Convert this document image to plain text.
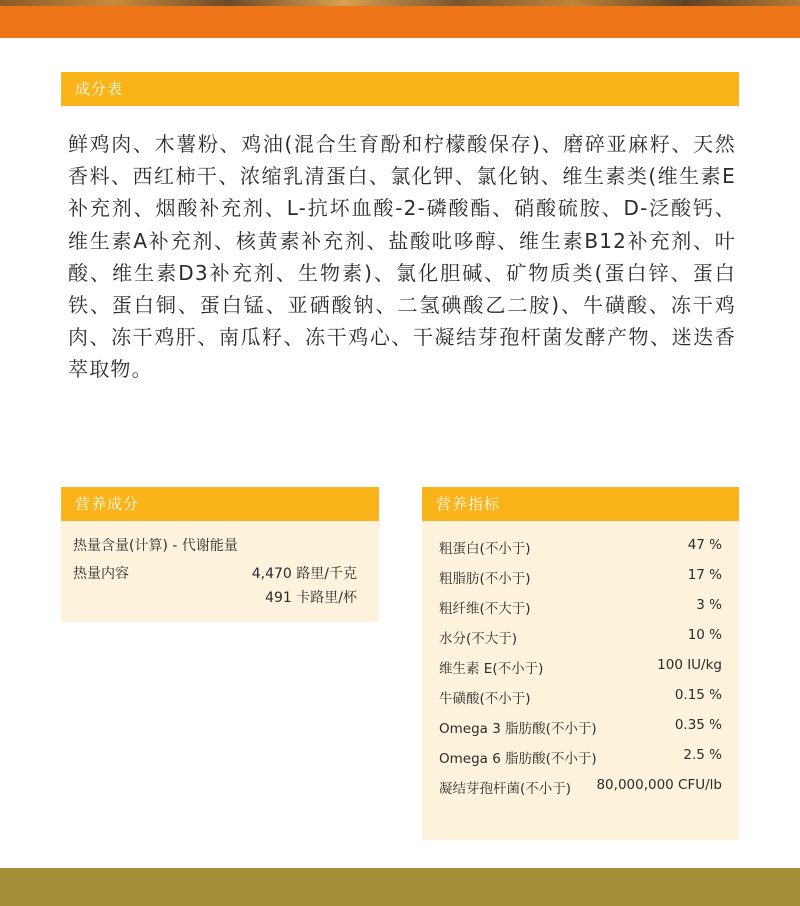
成分表
鲜鸡肉、木薯粉、鸡油(混合生育酚和柠檬酸保存)、磨碎亚麻籽、天然香料、西红柿干、浓缩乳清蛋白、氯化钾、氯化钠、维生素类(维生素E补充剂、烟酸补充剂、L-抗坏血酸-2-磷酸酯、硝酸硫胺、D-泛酸钙、维生素A补充剂、核黄素补充剂、盐酸吡哆醇、维生素B12补充剂、叶酸、维生素D3补充剂、生物素)、氯化胆碱、矿物质类(蛋白锌、蛋白铁、蛋白铜、蛋白锰、亚硒酸钠、二氢碘酸乙二胺)、牛磺酸、冻干鸡肉、冻干鸡肝、南瓜籽、冻干鸡心、干凝结芽孢杆菌发酵产物、迷迭香萃取物。
营养成分
热量含量(计算) - 代谢能量
热量内容	4,470 路里/千克
491 卡路里/杯
营养指标
粗蛋白(不小于)	47 %
粗脂肪(不小于)	17 %
粗纤维(不大于)	3 %
水分(不大于)	10 %
维生素 E(不小于)	100 IU/kg
牛磺酸(不小于)	0.15 %
Omega 3 脂肪酸(不小于)	0.35 %
Omega 6 脂肪酸(不小于)	2.5 %
凝结芽孢杆菌(不小于) 80,000,000 CFU/lb
